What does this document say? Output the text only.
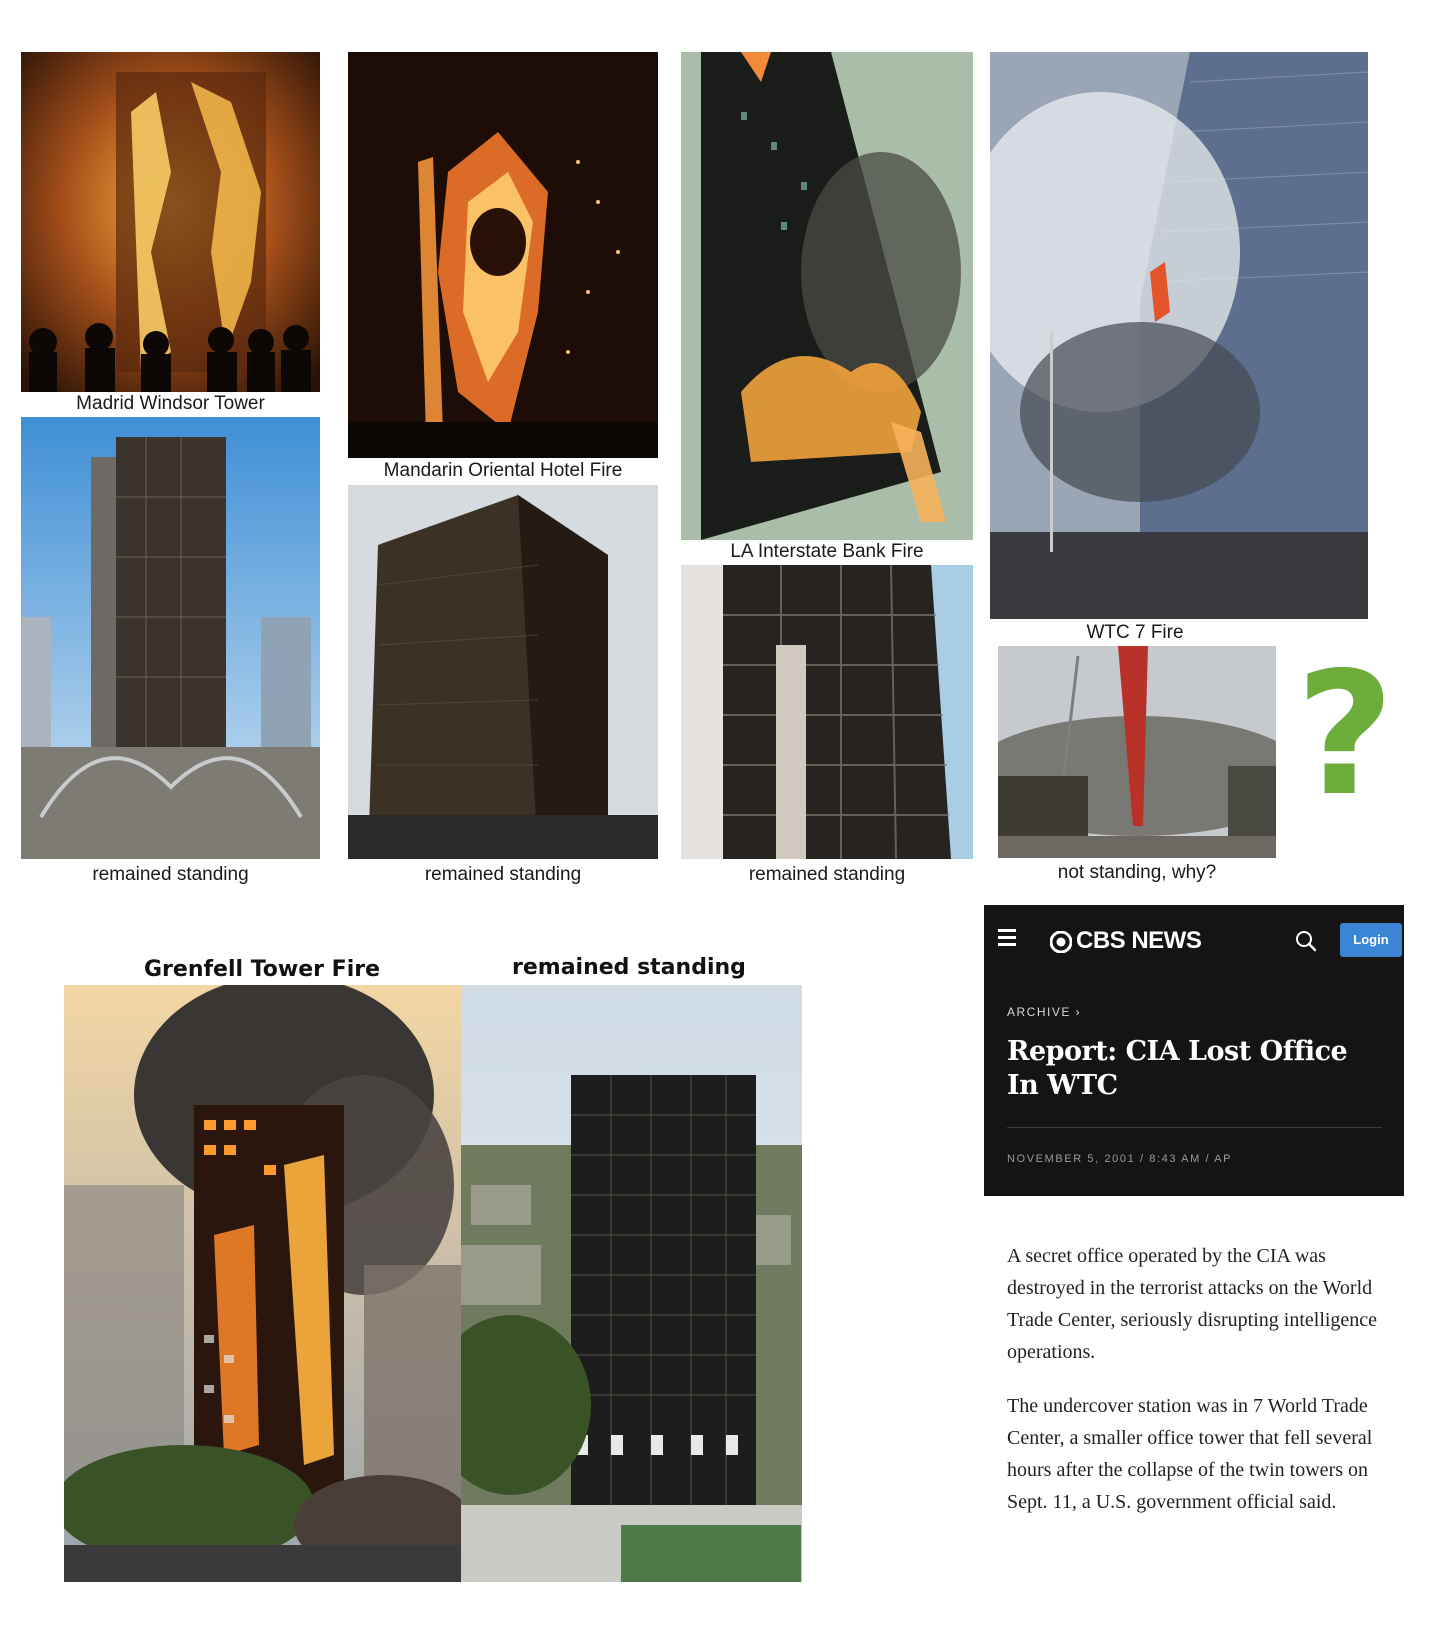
Madrid Windsor Tower
remained standing
Mandarin Oriental Hotel Fire
remained standing
LA Interstate Bank Fire
remained standing
WTC 7 Fire
not standing, why?
?
Grenfell Tower Fire	remained standing
CBS NEWS	Login
ARCHIVE ›
Report: CIA Lost Office In WTC
NOVEMBER 5, 2001 / 8:43 AM / AP

A secret office operated by the CIA was destroyed in the terrorist attacks on the World Trade Center, seriously disrupting intelligence operations.

The undercover station was in 7 World Trade Center, a smaller office tower that fell several hours after the collapse of the twin towers on Sept. 11, a U.S. government official said.
